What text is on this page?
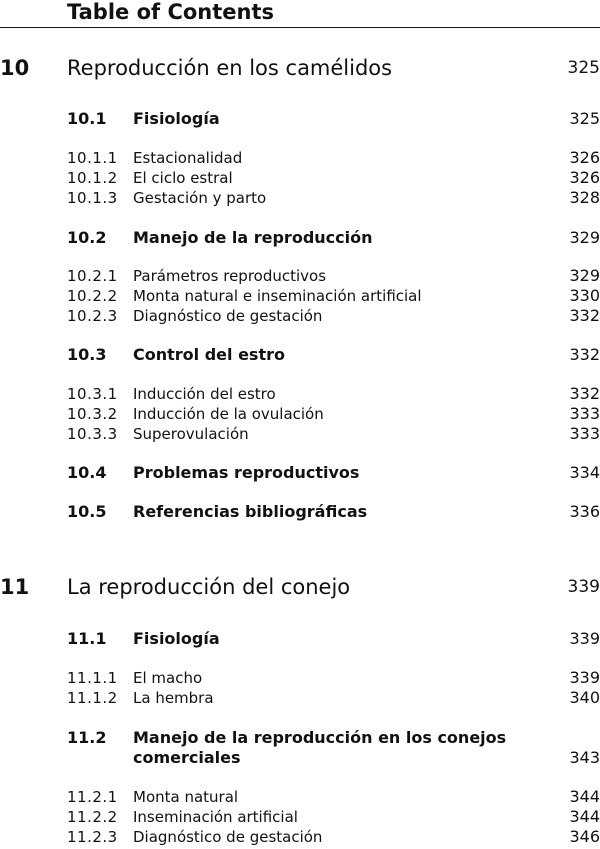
Table of Contents
10 Reproducción en los camélidos	325
10.1 Fisiología	325
10.1.1 Estacionalidad	326
10.1.2 El ciclo estral	326
10.1.3 Gestación y parto	328
10.2 Manejo de la reproducción	329
10.2.1 Parámetros reproductivos	329
10.2.2 Monta natural e inseminación artificial	330
10.2.3 Diagnóstico de gestación	332
10.3 Control del estro	332
10.3.1 Inducción del estro	332
10.3.2 Inducción de la ovulación	333
10.3.3 Superovulación	333
10.4 Problemas reproductivos	334
10.5 Referencias bibliográficas	336
11 La reproducción del conejo	339
11.1 Fisiología	339
11.1.1 El macho	339
11.1.2 La hembra	340
11.2 Manejo de la reproducción en los conejos
comerciales	343
11.2.1 Monta natural	344
11.2.2 Inseminación artificial	344
11.2.3 Diagnóstico de gestación	346
